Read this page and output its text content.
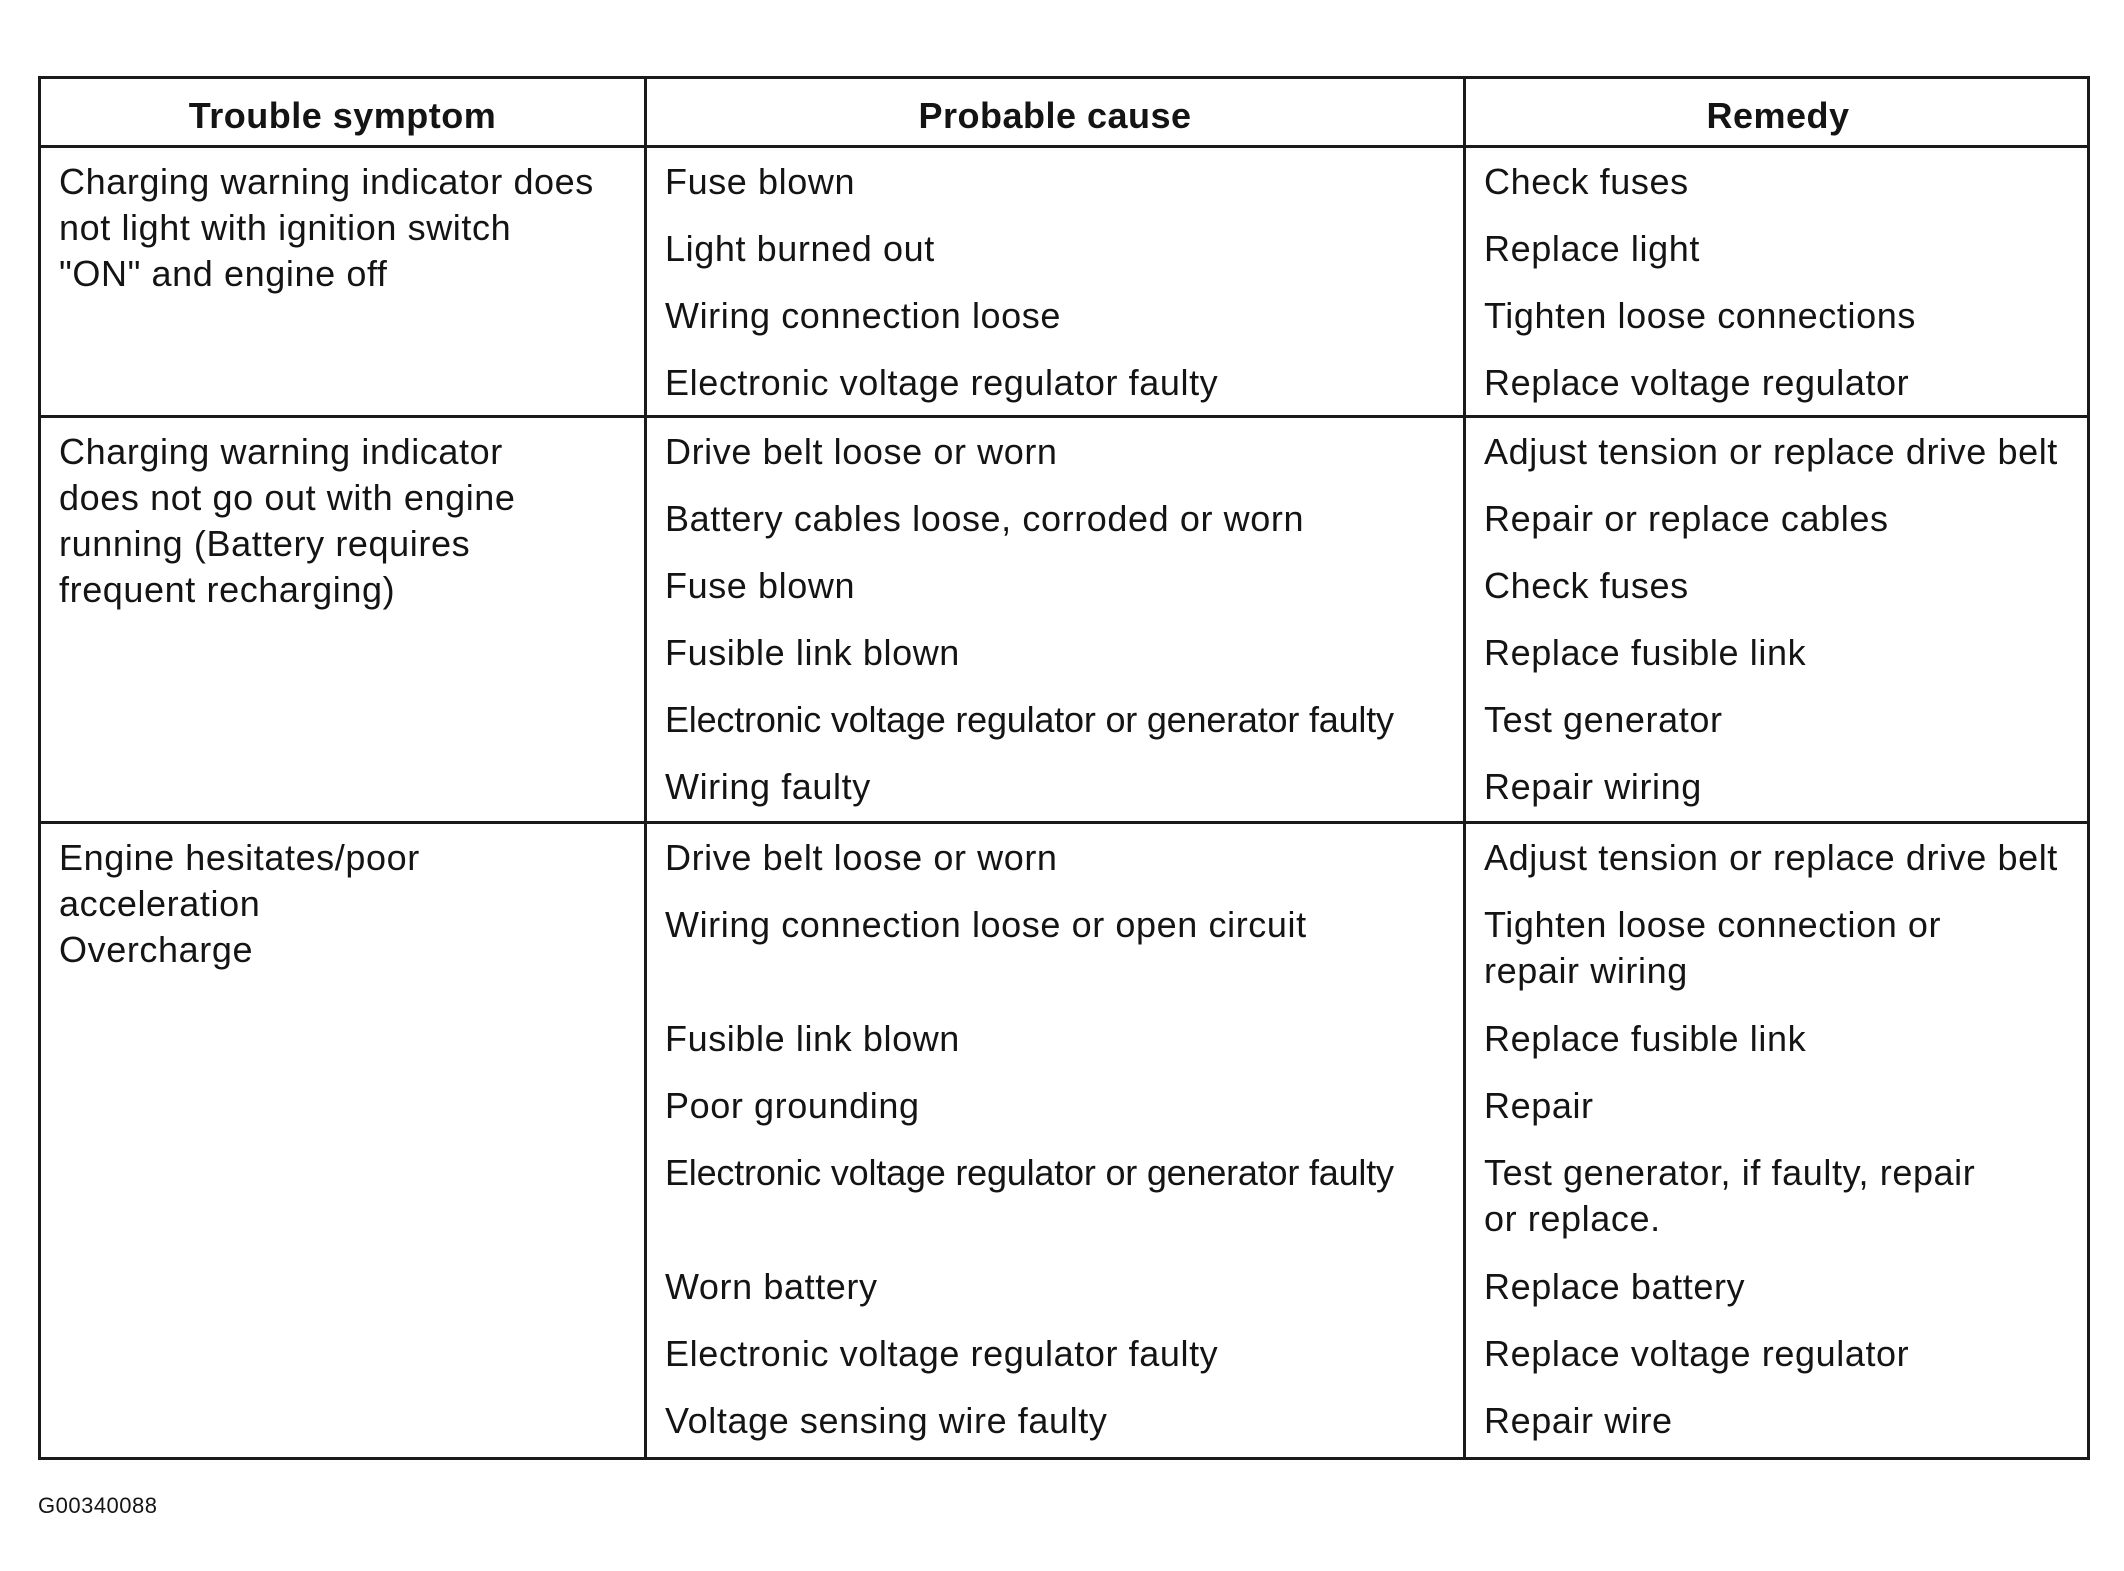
Trouble symptom	Probable cause	Remedy
Charging warning indicator does
not light with ignition switch
"ON" and engine off
Fuse blown	Check fuses
Light burned out	Replace light
Wiring connection loose	Tighten loose connections
Electronic voltage regulator faulty	Replace voltage regulator
Charging warning indicator
does not go out with engine
running (Battery requires
frequent recharging)
Drive belt loose or worn	Adjust tension or replace drive belt
Battery cables loose, corroded or worn	Repair or replace cables
Fuse blown	Check fuses
Fusible link blown	Replace fusible link
Electronic voltage regulator or generator faulty	Test generator
Wiring faulty	Repair wiring
Engine hesitates/poor
acceleration
Overcharge
Drive belt loose or worn	Adjust tension or replace drive belt
Wiring connection loose or open circuit	Tighten loose connection or
repair wiring
Fusible link blown	Replace fusible link
Poor grounding	Repair
Electronic voltage regulator or generator faulty	Test generator, if faulty, repair
or replace.
Worn battery	Replace battery
Electronic voltage regulator faulty	Replace voltage regulator
Voltage sensing wire faulty	Repair wire
G00340088
